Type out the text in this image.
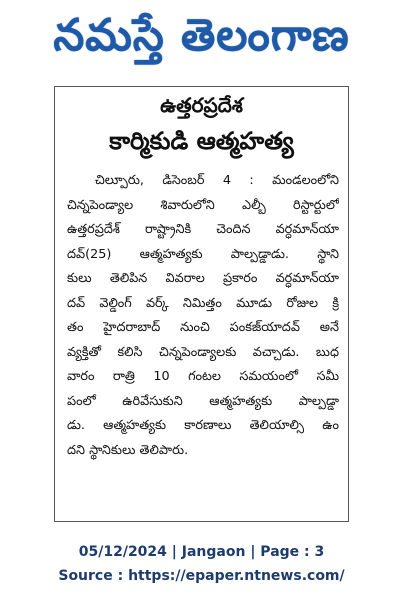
నమస్తే తెలంగాణ
ఉత్తరప్రదేశ
కార్మికుడి ఆత్మహత్య
చిల్పూరు, డిసెంబర్ 4 : మండలంలోని
చిన్నపెండ్యాల శివారులోని ఎల్బీ రిస్టార్టులో
ఉత్తరప్రదేశ్ రాష్ట్రానికి చెందిన వర్ధమాన్‌యా
దవ్(25) ఆత్మహత్యకు పాల్పడ్డాడు. స్థాని
కులు తెలిపిన వివరాల ప్రకారం వర్ధమాన్‌యా
దవ్ వెల్డింగ్ వర్క్ నిమిత్తం మూడు రోజుల క్రి
తం హైదరాబాద్ నుంచి పంకజ్‌యాదవ్ అనే
వ్యక్తితో కలిసి చిన్నపెండ్యాలకు వచ్చాడు. బుధ
వారం రాత్రి 10 గంటల సమయంలో సమీ
పంలో ఉరివేసుకుని ఆత్మహత్యకు పాల్పడ్డా
డు. ఆత్మహత్యకు కారణాలు తెలియాల్సి ఉం
దని స్థానికులు తెలిపారు.
05/12/2024 | Jangaon | Page : 3
Source : https://epaper.ntnews.com/
